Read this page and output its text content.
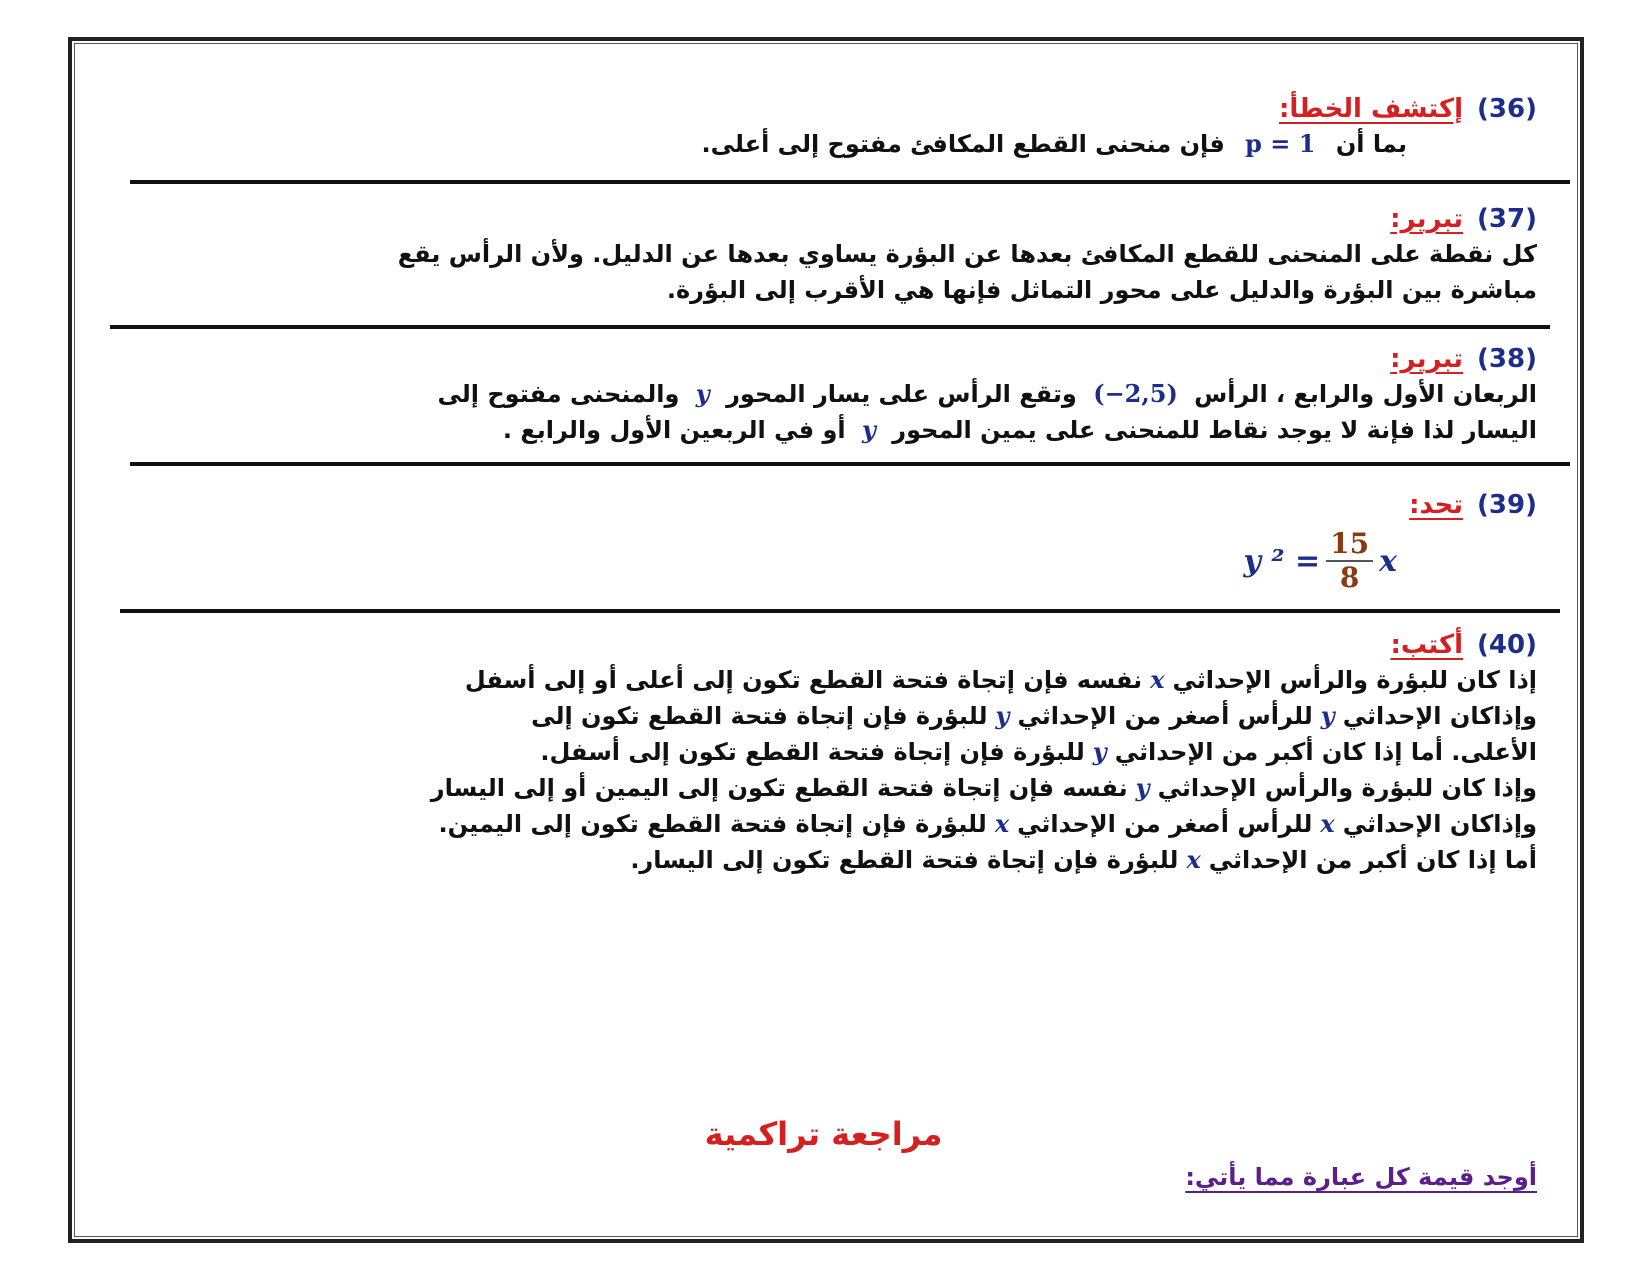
(36)إكتشف الخطأ:
بما أن p = 1 فإن منحنى القطع المكافئ مفتوح إلى أعلى.
(37)تبرير:
كل نقطة على المنحنى للقطع المكافئ بعدها عن البؤرة يساوي بعدها عن الدليل. ولأن الرأس يقع
مباشرة بين البؤرة والدليل على محور التماثل فإنها هي الأقرب إلى البؤرة.
(38)تبرير:
الربعان الأول والرابع ، الرأس (−2,5) وتقع الرأس على يسار المحور y والمنحنى مفتوح إلى
اليسار لذا فإنة لا يوجد نقاط للمنحنى على يمين المحور y أو في الربعين الأول والرابع .
(39)تحد:
y $^2 = \frac{15}{8}$ x
(40)أكتب:
إذا كان للبؤرة والرأس الإحداثيxنفسه فإن إتجاة فتحة القطع تكون إلى أعلى أو إلى أسفل
وإذاكان الإحداثيyللرأس أصغر من الإحداثيyللبؤرة فإن إتجاة فتحة القطع تكون إلى
الأعلى. أما إذا كان أكبر من الإحداثيyللبؤرة فإن إتجاة فتحة القطع تكون إلى أسفل.
وإذا كان للبؤرة والرأس الإحداثيyنفسه فإن إتجاة فتحة القطع تكون إلى اليمين أو إلى اليسار
وإذاكان الإحداثيxللرأس أصغر من الإحداثيxللبؤرة فإن إتجاة فتحة القطع تكون إلى اليمين.
أما إذا كان أكبر من الإحداثيxللبؤرة فإن إتجاة فتحة القطع تكون إلى اليسار.
مراجعة تراكمية
أوجد قيمة كل عبارة مما يأتي:
